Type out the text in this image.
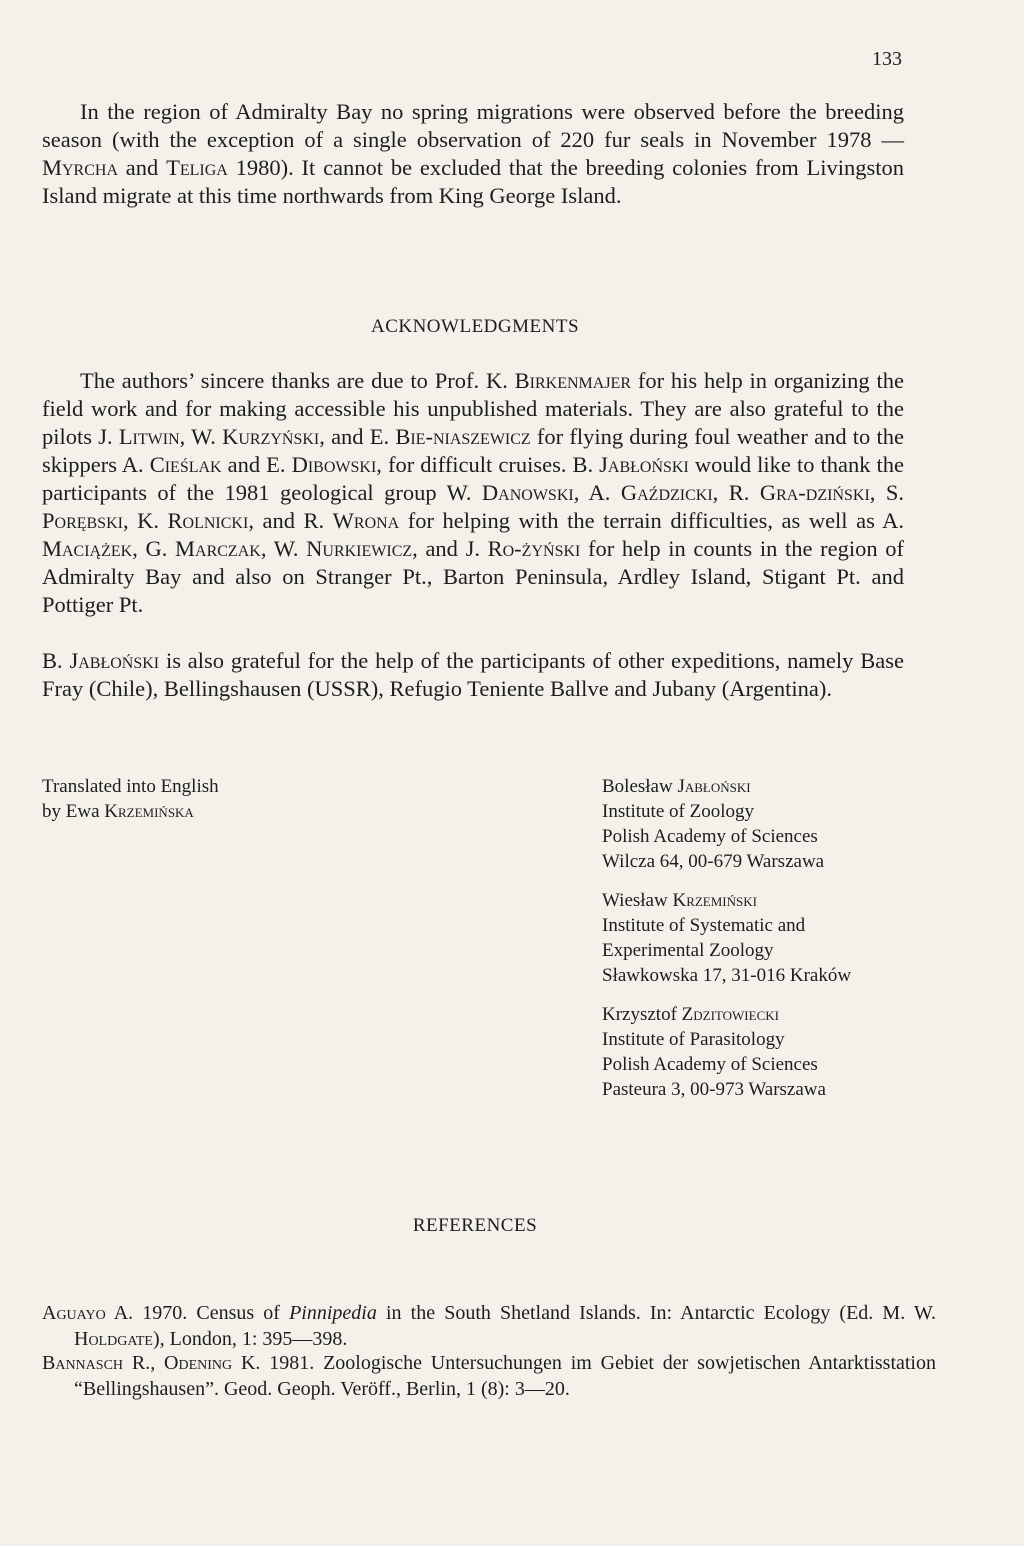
133

In the region of Admiralty Bay no spring migrations were observed before the breeding season (with the exception of a single observation of 220 fur seals in November 1978 — Myrcha and Teliga 1980). It cannot be excluded that the breeding colonies from Livingston Island migrate at this time northwards from King George Island.

ACKNOWLEDGMENTS

The authors’ sincere thanks are due to Prof. K. Birkenmajer for his help in organizing the field work and for making accessible his unpublished materials. They are also grateful to the pilots J. Litwin, W. Kurzyński, and E. Bie-niaszewicz for flying during foul weather and to the skippers A. Cieślak and E. Dibowski, for difficult cruises. B. Jabłoński would like to thank the participants of the 1981 geological group W. Danowski, A. Gaździcki, R. Gra-dziński, S. Porębski, K. Rolnicki, and R. Wrona for helping with the terrain difficulties, as well as A. Maciążek, G. Marczak, W. Nurkiewicz, and J. Ro-żyński for help in counts in the region of Admiralty Bay and also on Stranger Pt., Barton Peninsula, Ardley Island, Stigant Pt. and Pottiger Pt.

B. Jabłoński is also grateful for the help of the participants of other expeditions, namely Base Fray (Chile), Bellingshausen (USSR), Refugio Teniente Ballve and Jubany (Argentina).

Translated into English
by Ewa Krzemińska
Bolesław Jabłoński
Institute of Zoology
Polish Academy of Sciences
Wilcza 64, 00-679 Warszawa
Wiesław Krzemiński
Institute of Systematic and
Experimental Zoology
Sławkowska 17, 31-016 Kraków
Krzysztof Zdzitowiecki
Institute of Parasitology
Polish Academy of Sciences
Pasteura 3, 00-973 Warszawa
REFERENCES

Aguayo A. 1970. Census of Pinnipedia in the South Shetland Islands. In: Antarctic Ecology (Ed. M. W. Holdgate), London, 1: 395—398.

Bannasch R., Odening K. 1981. Zoologische Untersuchungen im Gebiet der sowjetischen Antarktisstation “Bellingshausen”. Geod. Geoph. Veröff., Berlin, 1 (8): 3—20.
